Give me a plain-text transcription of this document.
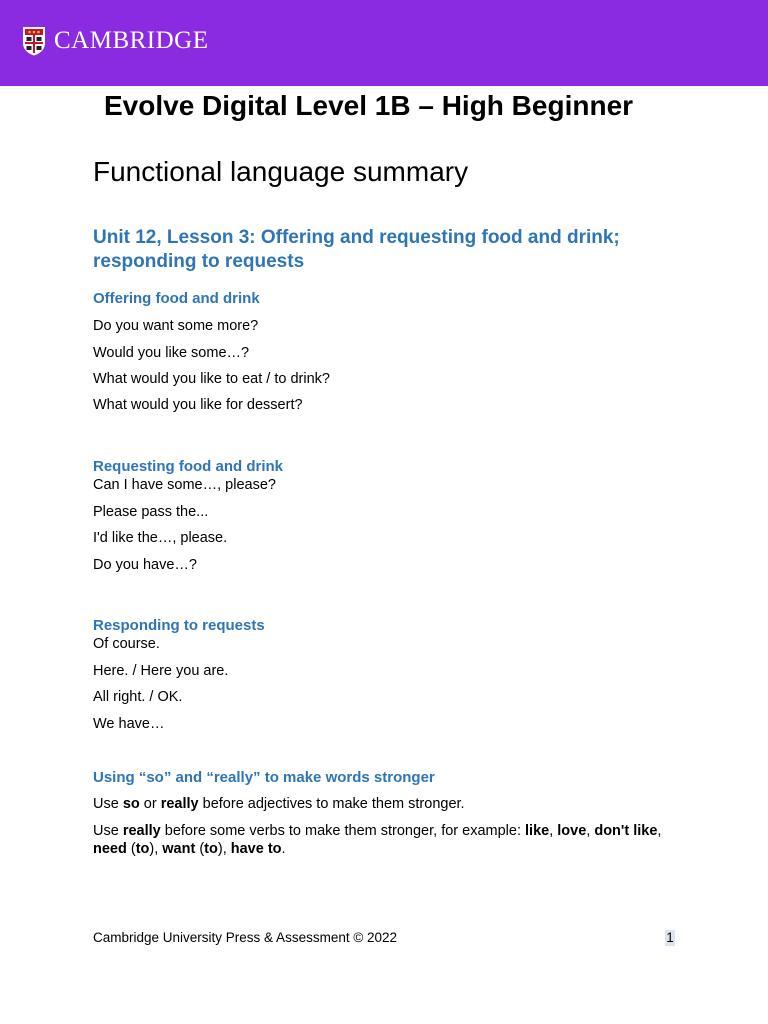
CAMBRIDGE
Evolve Digital Level 1B – High Beginner
Functional language summary
Unit 12, Lesson 3: Offering and requesting food and drink; responding to requests
Offering food and drink

Do you want some more?

Would you like some…?

What would you like to eat / to drink?

What would you like for dessert?

Requesting food and drink

Can I have some…, please?

Please pass the...

I'd like the…, please.

Do you have…?

Responding to requests

Of course.

Here. / Here you are.

All right. / OK.

We have…

Using “so” and “really” to make words stronger

Use so or really before adjectives to make them stronger.

Use really before some verbs to make them stronger, for example: like, love, don't like, need (to), want (to), have to.

Cambridge University Press & Assessment © 2022	1
